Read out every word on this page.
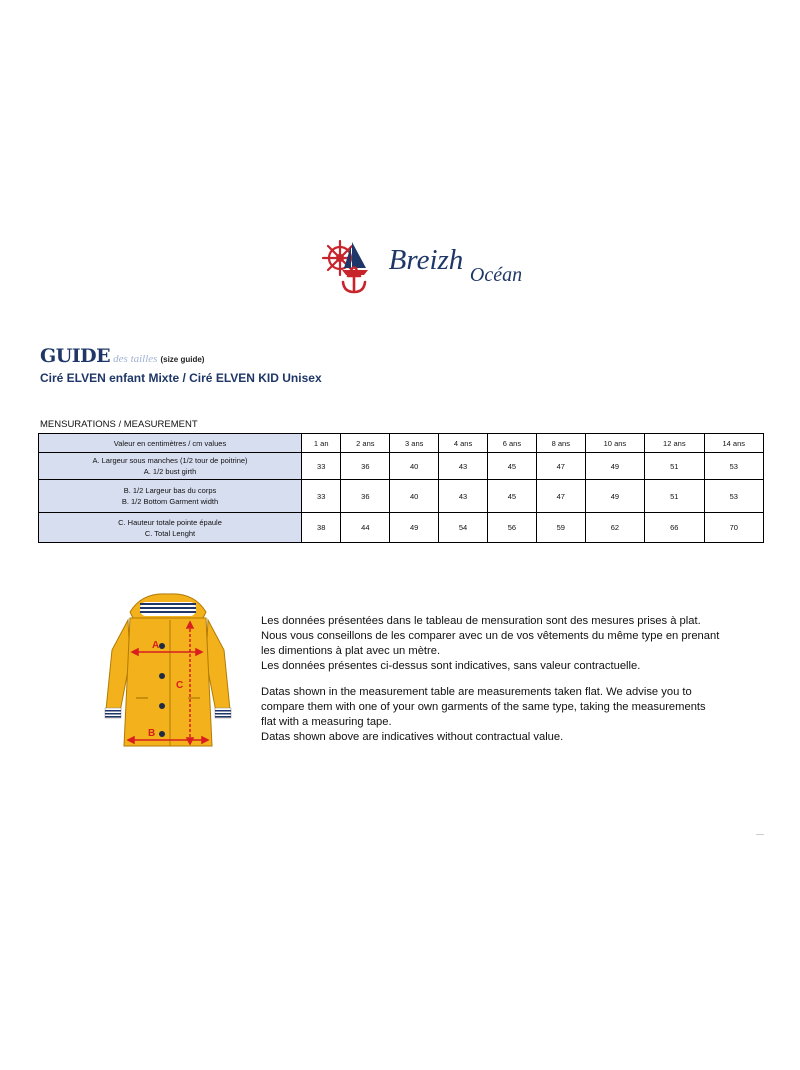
Breizh Océan
GUIDE des tailles (size guide)
Ciré ELVEN enfant Mixte / Ciré ELVEN KID Unisex
MENSURATIONS / MEASUREMENT
Valeur en centimètres / cm values	1 an	2 ans	3 ans	4 ans	6 ans	8 ans	10 ans	12 ans	14 ans

A. Largeur sous manches (1/2 tour de poitrine)
A. 1/2 bust girth	33	36	40	43	45	47	49	51	53

B. 1/2 Largeur bas du corps
B. 1/2 Bottom Garment width	33	36	40	43	45	47	49	51	53

C. Hauteur totale pointe épaule
C. Total Lenght	38	44	49	54	56	59	62	66	70
A
B
C

Les données présentées dans le tableau de mensuration sont des mesures prises à plat. Nous vous conseillons de les comparer avec un de vos vêtements du même type en prenant les dimentions à plat avec un mètre.

Les données présentes ci-dessus sont indicatives, sans valeur contractuelle.

Datas shown in the measurement table are measurements taken flat. We advise you to compare them with one of your own garments of the same type, taking the measurements flat with a measuring tape.

Datas shown above are indicatives without contractual value.
